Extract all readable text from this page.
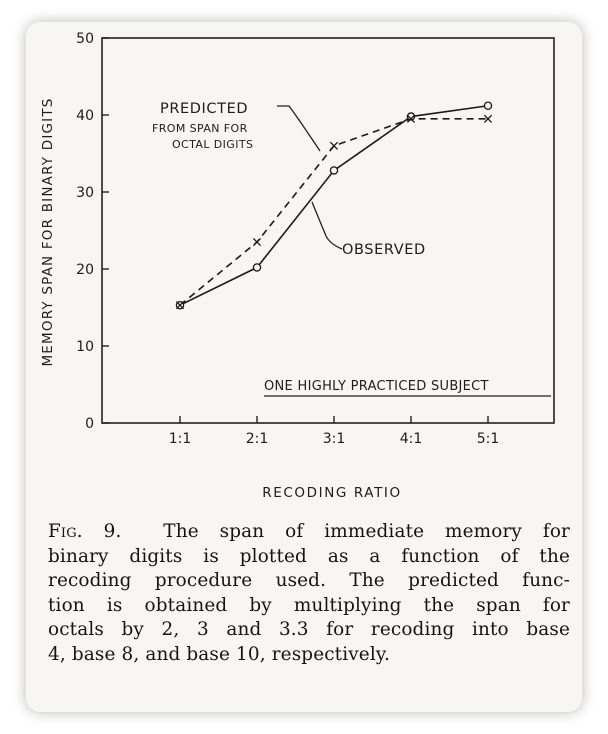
0
10
20
30
40
50
1:1	2:1	3:1	4:1	5:1
MEMORY SPAN FOR BINARY DIGITS
RECODING RATIO
PREDICTED
FROM SPAN FOR
OCTAL DIGITS
OBSERVED
ONE HIGHLY PRACTICED SUBJECT
Fig. 9. The span of immediate memory for
binary digits is plotted as a function of the
recoding procedure used. The predicted func-
tion is obtained by multiplying the span for
octals by 2, 3 and 3.3 for recoding into base
4, base 8, and base 10, respectively.
